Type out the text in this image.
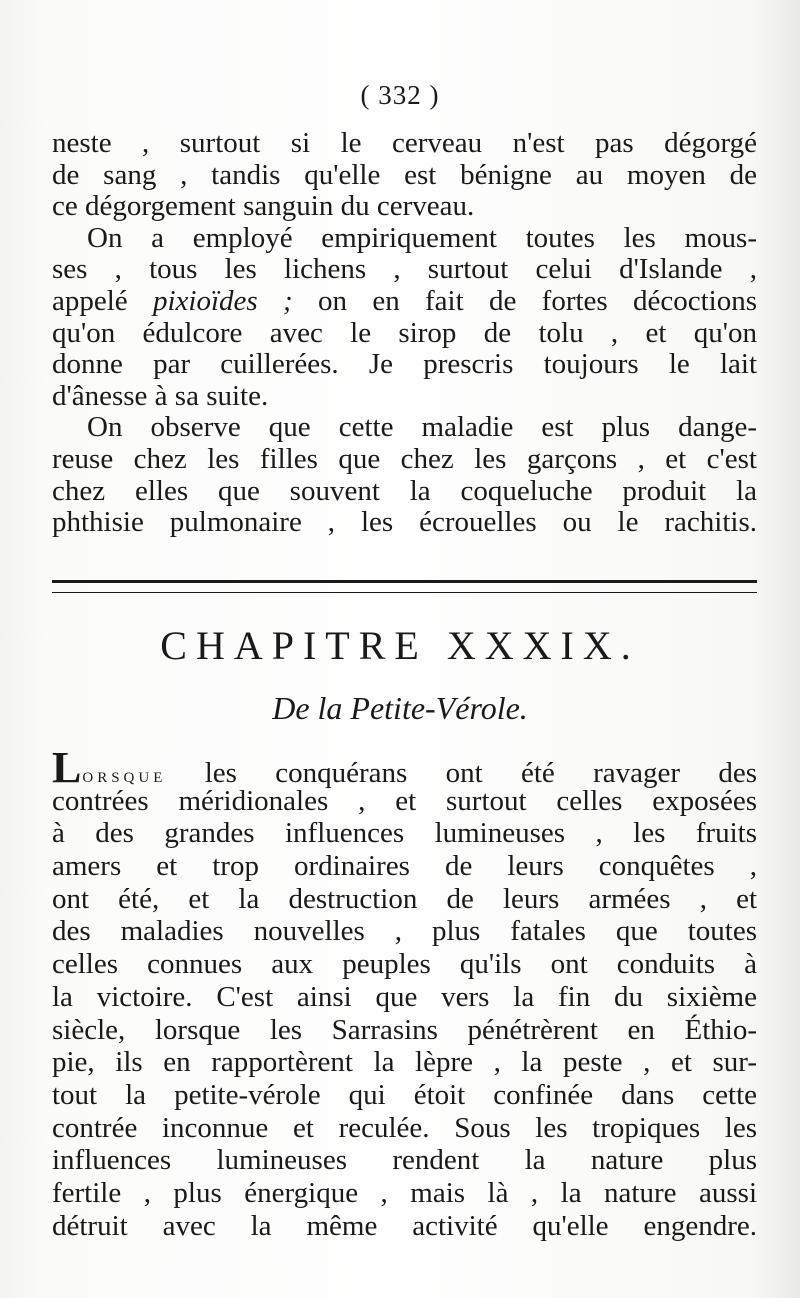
( 332 )
neste , surtout si le cerveau n'est pas dégorgé
de sang , tandis qu'elle est bénigne au moyen de
ce dégorgement sanguin du cerveau.
On a employé empiriquement toutes les mous-
ses , tous les lichens , surtout celui d'Islande ,
appelé pixioïdes ; on en fait de fortes décoctions
qu'on édulcore avec le sirop de tolu , et qu'on
donne par cuillerées. Je prescris toujours le lait
d'ânesse à sa suite.
On observe que cette maladie est plus dange-
reuse chez les filles que chez les garçons , et c'est
chez elles que souvent la coqueluche produit la
phthisie pulmonaire , les écrouelles ou le rachitis.
CHAPITRE XXXIX.
De la Petite-Vérole.
Lorsque les conquérans ont été ravager des
contrées méridionales , et surtout celles exposées
à des grandes influences lumineuses , les fruits
amers et trop ordinaires de leurs conquêtes ,
ont été, et la destruction de leurs armées , et
des maladies nouvelles , plus fatales que toutes
celles connues aux peuples qu'ils ont conduits à
la victoire. C'est ainsi que vers la fin du sixième
siècle, lorsque les Sarrasins pénétrèrent en Éthio-
pie, ils en rapportèrent la lèpre , la peste , et sur-
tout la petite-vérole qui étoit confinée dans cette
contrée inconnue et reculée. Sous les tropiques les
influences lumineuses rendent la nature plus
fertile , plus énergique , mais là , la nature aussi
détruit avec la même activité qu'elle engendre.
